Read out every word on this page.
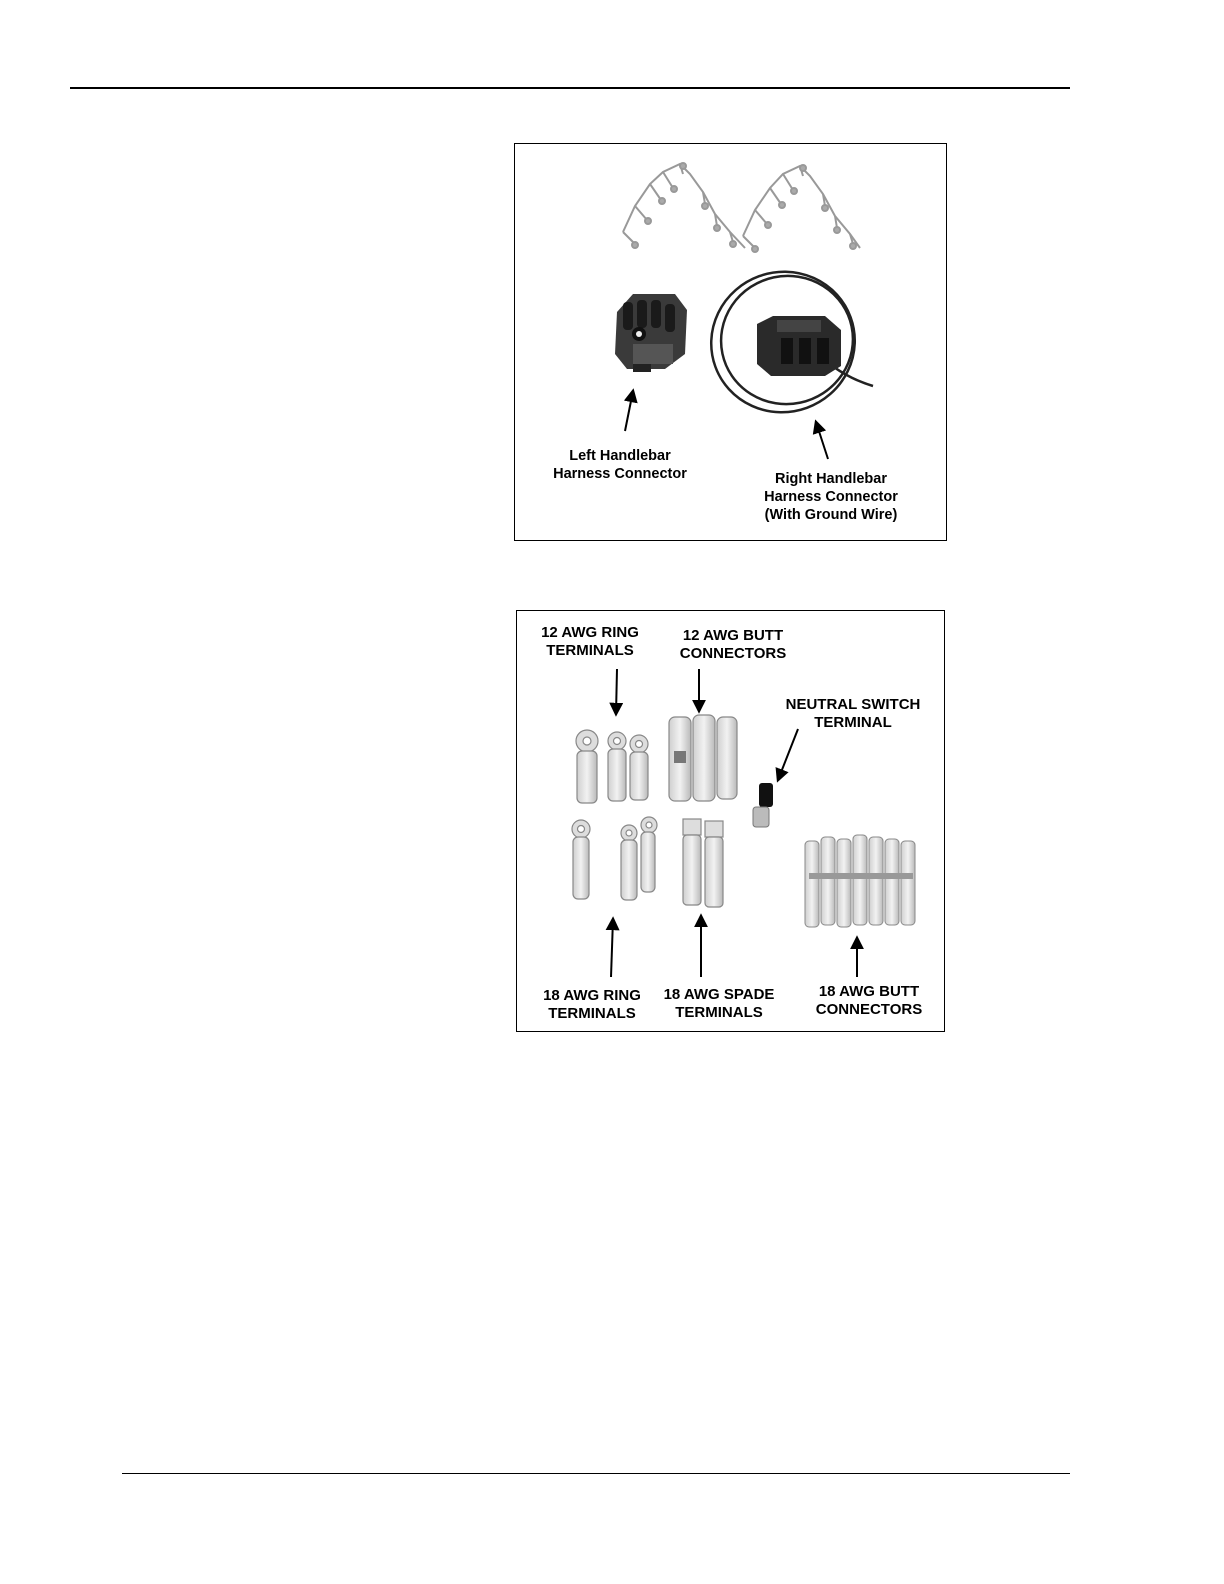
Left Handlebar
Harness Connector	Right Handlebar
Harness Connector
(With Ground Wire)
12 AWG RING
TERMINALS
12 AWG BUTT
CONNECTORS
NEUTRAL SWITCH
TERMINAL
18 AWG RING
TERMINALS
18 AWG SPADE
TERMINALS
18 AWG BUTT
CONNECTORS
